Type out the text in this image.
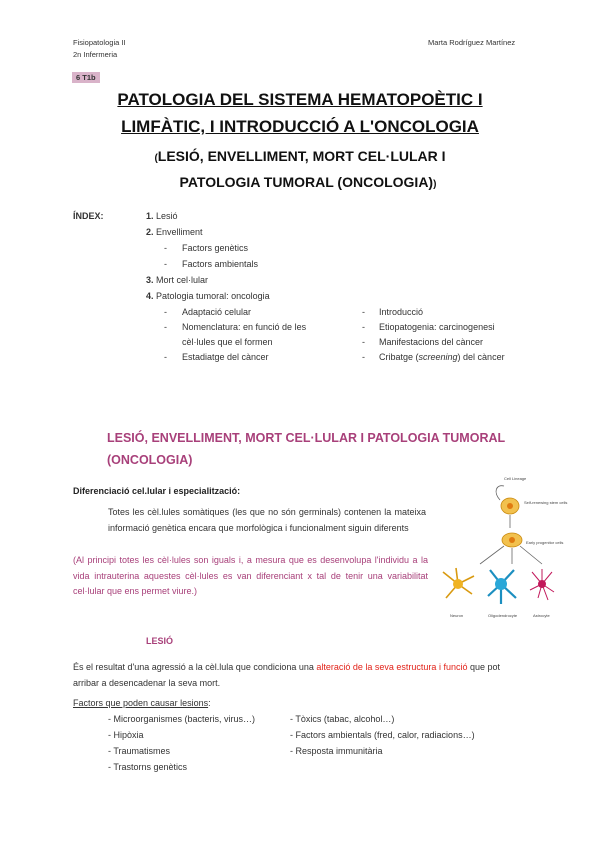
Fisiopatologia II
2n Infermeria
Marta Rodríguez Martínez
6 T1b
PATOLOGIA DEL SISTEMA HEMATOPOÈTIC I
LIMFÀTIC, I INTRODUCCIÓ A L'ONCOLOGIA
(LESIÓ, ENVELLIMENT, MORT CEL·LULAR I
PATOLOGIA TUMORAL (ONCOLOGIA))
ÍNDEX:	1. Lesió
2. Envelliment
- Factors genètics
- Factors ambientals
3. Mort cel·lular
4. Patologia tumoral: oncologia
- Adaptació celular
- Nomenclatura: en funció de les
cèl·lules que el formen
- Estadiatge del càncer
- Introducció
- Etiopatogenia: carcinogenesi
- Manifestacions del càncer
- Cribatge (screening) del càncer
LESIÓ, ENVELLIMENT, MORT CEL·LULAR I PATOLOGIA TUMORAL (ONCOLOGIA)
Diferenciació cel.lular i especialització:
Totes les cèl.lules somàtiques (les que no són germinals) contenen la mateixa informació genètica encara que morfològica i funcionalment siguin diferents
(Al principi totes les cèl·lules son iguals i, a mesura que es desenvolupa l'individu a la vida intrauterina aquestes cèl·lules es van diferenciant x tal de tenir una variabilitat cel·lular que ens permet viure.)
Cell Lineage
Self-renewing stem cells
Early progenitor cells
Neuron	Oligodendrocyte	Astrocyte
LESIÓ
És el resultat d'una agressió a la cèl.lula que condiciona una alteració de la seva estructura i funció que pot arribar a desencadenar la seva mort.
Factors que poden causar lesions:
- Microorganismes (bacteris, virus…)
- Hipòxia
- Traumatismes
- Trastorns genètics
- Tòxics (tabac, alcohol…)
- Factors ambientals (fred, calor, radiacions…)
- Resposta immunitària
